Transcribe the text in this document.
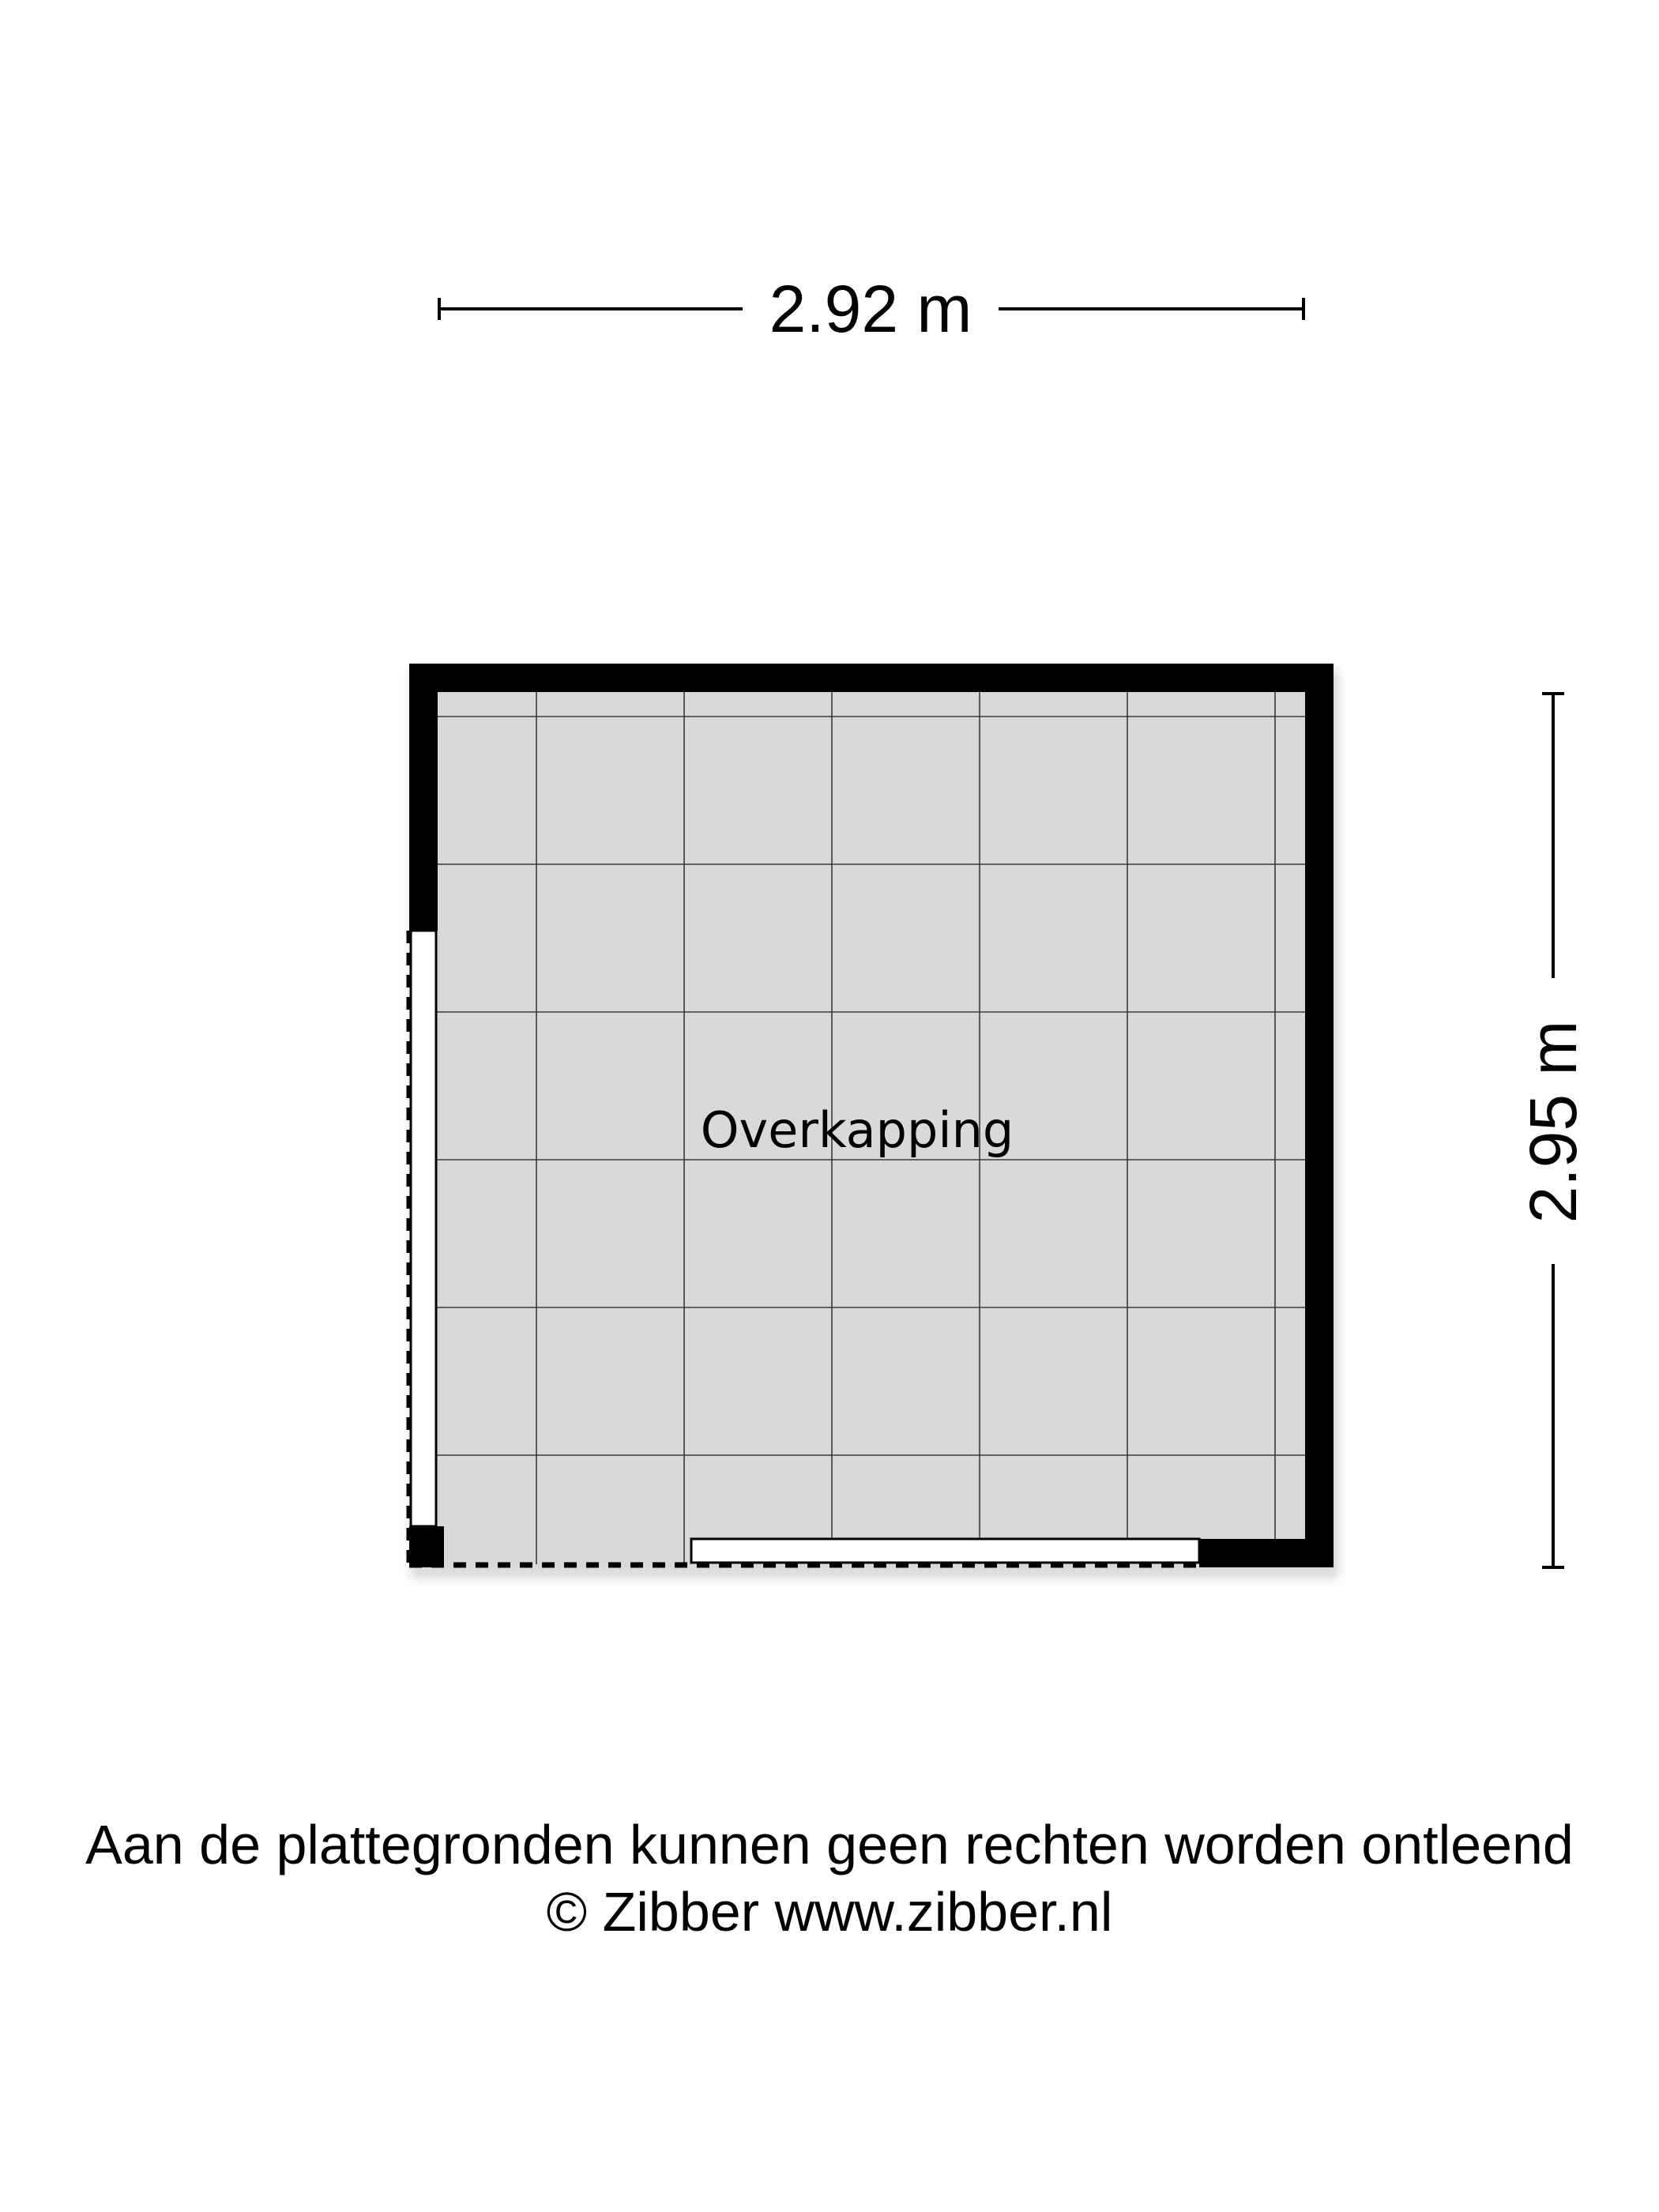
2.92 m
2.95 m
Overkapping
Aan de plattegronden kunnen geen rechten worden ontleend
© Zibber www.zibber.nl
